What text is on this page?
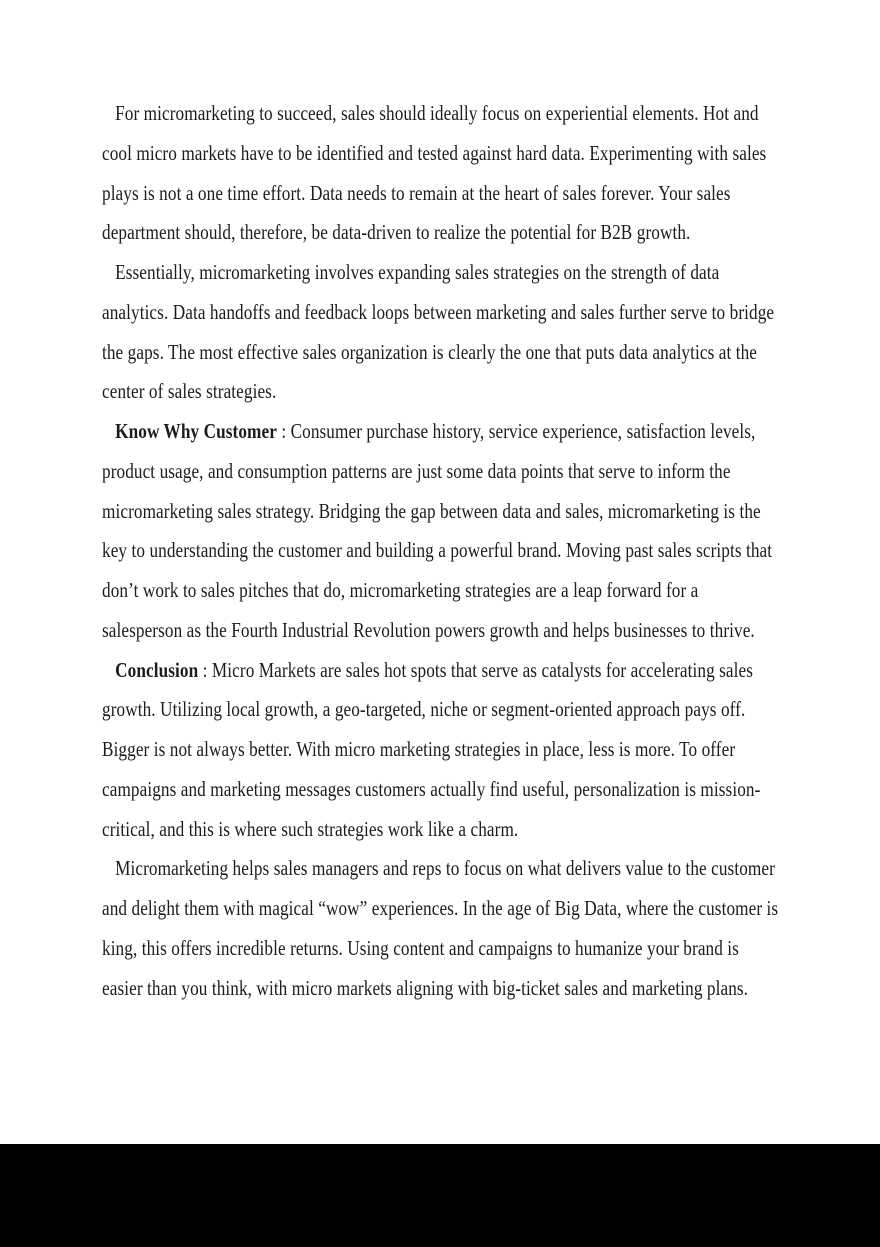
For micromarketing to succeed, sales should ideally focus on experiential elements. Hot and
cool micro markets have to be identified and tested against hard data. Experimenting with sales
plays is not a one time effort. Data needs to remain at the heart of sales forever. Your sales
department should, therefore, be data-driven to realize the potential for B2B growth.

Essentially, micromarketing involves expanding sales strategies on the strength of data
analytics. Data handoffs and feedback loops between marketing and sales further serve to bridge
the gaps. The most effective sales organization is clearly the one that puts data analytics at the
center of sales strategies.

Know Why Customer : Consumer purchase history, service experience, satisfaction levels,
product usage, and consumption patterns are just some data points that serve to inform the
micromarketing sales strategy. Bridging the gap between data and sales, micromarketing is the
key to understanding the customer and building a powerful brand. Moving past sales scripts that
don’t work to sales pitches that do, micromarketing strategies are a leap forward for a
salesperson as the Fourth Industrial Revolution powers growth and helps businesses to thrive.

Conclusion : Micro Markets are sales hot spots that serve as catalysts for accelerating sales
growth. Utilizing local growth, a geo-targeted, niche or segment-oriented approach pays off.
Bigger is not always better. With micro marketing strategies in place, less is more. To offer
campaigns and marketing messages customers actually find useful, personalization is mission-
critical, and this is where such strategies work like a charm.

Micromarketing helps sales managers and reps to focus on what delivers value to the customer
and delight them with magical “wow” experiences. In the age of Big Data, where the customer is
king, this offers incredible returns. Using content and campaigns to humanize your brand is
easier than you think, with micro markets aligning with big-ticket sales and marketing plans.
